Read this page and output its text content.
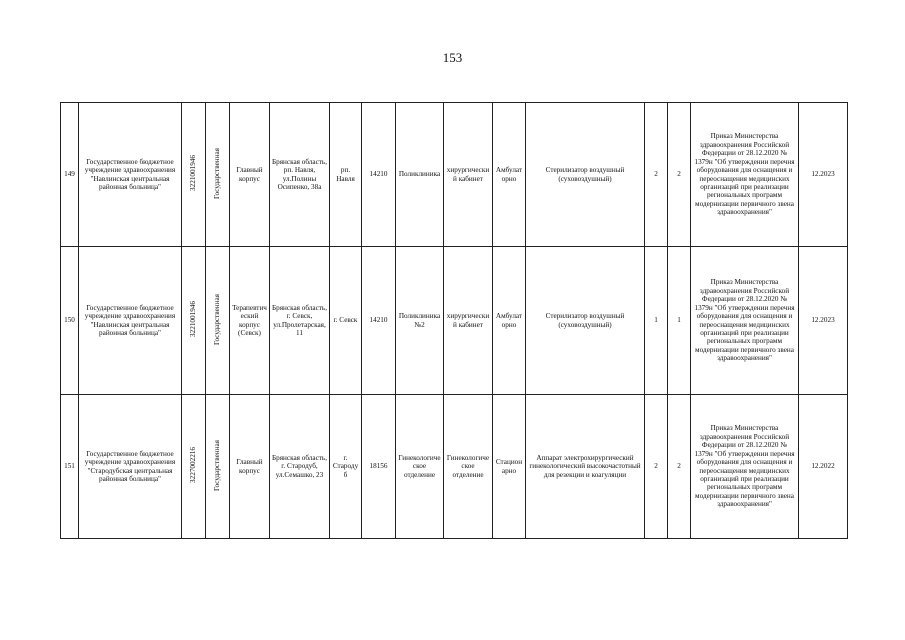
153
149	Государственное бюджетное учреждение здравоохранения "Навлинская центральная районная больница"	3221001946	Государственная	Главный корпус	Брянская область, рп. Навля, ул.Полины Осипенко, 38а	рп. Навля	14210	Поликлиника	хирургический кабинет	Амбулаторно	Стерилизатор воздушный (суховоздушный)	2	2	Приказ Министерства здравоохранения Российской Федерации от 28.12.2020 № 1379н "Об утверждении перечня оборудования для оснащения и переоснащения медицинских организаций при реализации региональных программ модернизации первичного звена здравоохранения"	12.2023
150	Государственное бюджетное учреждение здравоохранения "Навлинская центральная районная больница"	3221001946	Государственная	Терапевтический корпус (Севск)	Брянская область, г. Севск, ул.Пролетарская, 11	г. Севск	14210	Поликлиника №2	хирургический кабинет	Амбулаторно	Стерилизатор воздушный (суховоздушный)	1	1	Приказ Министерства здравоохранения Российской Федерации от 28.12.2020 № 1379н "Об утверждении перечня оборудования для оснащения и переоснащения медицинских организаций при реализации региональных программ модернизации первичного звена здравоохранения"	12.2023
151	Государственное бюджетное учреждение здравоохранения "Стародубская центральная районная больница"	3227002216	Государственная	Главный корпус	Брянская область, г. Стародуб, ул.Семашко, 23	г. Стародуб	18156	Гинекологическое отделение	Гинекологическое отделение	Стационарно	Аппарат электрохирургический гинекологический высокочастотный для резекции и коагуляции	2	2	Приказ Министерства здравоохранения Российской Федерации от 28.12.2020 № 1379н "Об утверждении перечня оборудования для оснащения и переоснащения медицинских организаций при реализации региональных программ модернизации первичного звена здравоохранения"	12.2022
